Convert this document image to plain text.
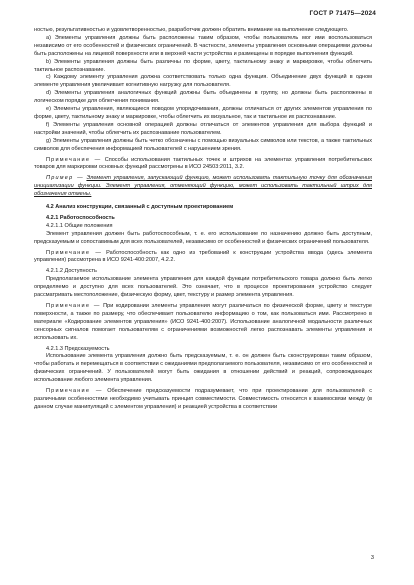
ГОСТ Р 71475—2024

ностью, результативностью и удовлетворенностью, разработчик должен обратить внимание на выполнение следующего.

а) Элементы управления должны быть расположены таким образом, чтобы пользователь мог ими воспользоваться независимо от его особенностей и физических ограничений. В частности, элементы управления основными операциями должны быть расположены на лицевой поверхности или в верхней части устройства и размещены в порядке выполнения функций.

b) Элементы управления должны быть различны по форме, цвету, тактильному знаку и маркировке, чтобы облегчить тактильное распознавание.

с) Каждому элементу управления должна соответствовать только одна функция. Объединение двух функций в одном элементе управления увеличивает когнитивную нагрузку для пользователя.

d) Элементы управления аналогичных функций должны быть объединены в группу, но должны быть расположены в логическом порядке для облегчения понимания.

е) Элементы управления, являющиеся поводом упорядочивания, должны отличаться от других элементов управления по форме, цвету, тактильному знаку и маркировке, чтобы облегчить их визуальное, так и тактильное их распознавание.

f) Элементы управления основной операцией должны отличаться от элементов управления для выбора функций и настройки значений, чтобы облегчить их распознавание пользователем.

g) Элементы управления должны быть четко обозначены с помощью визуальных символов или текстов, а также тактильных символов для обеспечения информацией пользователей с нарушением зрения.

Примечание — Способы использования тактильных точек и штрихов на элементах управления потребительских товаров для маркировки основных функций рассмотрены в ИСО 24503:2011, 3.2.

Пример — Элемент управления, запускающий функцию, может использовать тактильную точку для обозначения инициализации функции. Элемент управления, отменяющий функцию, может использовать тактильный штрих для обозначения отмены.

4.2 Анализ конструкции, связанный с доступным проектированием

4.2.1 Работоспособность

4.2.1.1 Общие положения

Элемент управления должен быть работоспособным, т. е. его использование по назначению должно быть доступным, предсказуемым и сопоставимым для всех пользователей, независимо от особенностей и физических ограничений пользователя.

Примечание — Работоспособность как одно из требований к конструкции устройства ввода (здесь элемента управления) рассмотрена в ИСО 9241-400:2007, 4.2.2.

4.2.1.2 Доступность

Предполагаемое использование элемента управления для каждой функции потребительского товара должно быть легко определяемо и доступно для всех пользователей. Это означает, что в процессе проектирования устройство следует рассматривать местоположение, физическую форму, цвет, текстуру и размер элемента управления.

Примечание — При кодировании элементы управления могут различаться по физической форме, цвету и текстуре поверхности, а также по размеру, что обеспечивает пользователю информацию о том, как пользоваться ими. Рассмотрено в материале «Кодирование элементов управления» (ИСО 9241-400:2007). Использование аналогичной модальности различных сенсорных сигналов помогает пользователям с ограничениями возможностей легко распознавать элементы управления и использовать их.

4.2.1.3 Предсказуемость

Использование элемента управления должно быть предсказуемым, т. е. он должен быть сконструирован таким образом, чтобы работать и перемещаться в соответствии с ожиданиями предполагаемого пользователя, независимо от его особенностей и физических ограничений. У пользователей могут быть ожидания в отношении действий и реакций, сопровождающих использование любого элемента управления.

Примечание — Обеспечение предсказуемости подразумевает, что при проектировании для пользователей с различными особенностями необходимо учитывать принцип совместимости. Совместимость относится к взаимосвязи между (в данном случае манипуляций с элементом управления) и реакцией устройства в соответствии

3
